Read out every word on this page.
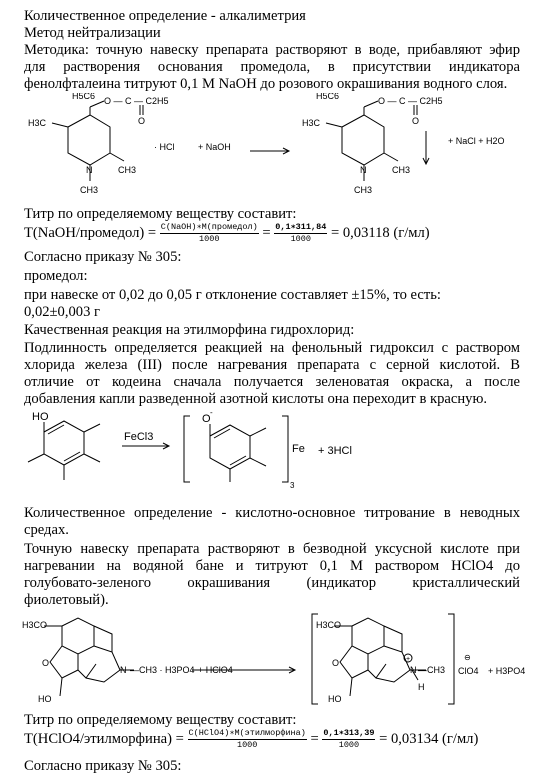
Количественное определение - алкалиметрия
Метод нейтрализации
Методика: точную навеску препарата растворяют в воде, прибавляют эфир
для растворения основания промедола, в присутствии индикатора
фенолфталеина титруют 0,1 М NaOH до розового окрашивания водного слоя.
H5C6 O — C — C2H5
O
H3C
CH3
N
CH3
· HCl	+ NaOH
H5C6	O — C — C2H5
O
H3C
CH3
N
CH3
+ NaCl + H2O
Титр по определяемому веществу составит:
T(NaOH/промедол) = $\frac{\text{C(NaOH)∗M(промедол)}}{1000} = \frac{0,1∗311,84}{1000} = 0,03118$ (г/мл)
Согласно приказу № 305:
промедол:
при навеске от 0,02 до 0,05 г отклонение составляет ±15%, то есть:
0,02±0,003 г
Качественная реакция на этилморфина гидрохлорид:
Подлинность определяется реакцией на фенольный гидроксил с раствором
хлорида железа (III) после нагревания препарата с серной кислотой. В
отличие от кодеина сначала получается зеленоватая окраска, а после
добавления капли разведенной азотной кислоты она переходит в красную.
HO
FeCl3
O
-
Fe
3
+ 3HCl
Количественное определение - кислотно-основное титрование в неводных
средах.
Точную навеску препарата растворяют в безводной уксусной кислоте при
нагревании на водяной бане и титруют 0,1 М раствором HClO4 до
голубовато-зеленого окрашивания (индикатор кристаллический
фиолетовый).
H3CO
O
HO
N —CH3 · H3PO4 + HClO4
H3CO
O
HO
+
N —CH3
H
ClO4
⊖
+ H3PO4
Титр по определяемому веществу составит:
T(HClO4/этилморфина) = $\frac{\text{C(HClO4)∗M(этилморфина)}}{1000} = \frac{0,1∗313,39}{1000} = 0,03134$ (г/мл)
Согласно приказу № 305:
